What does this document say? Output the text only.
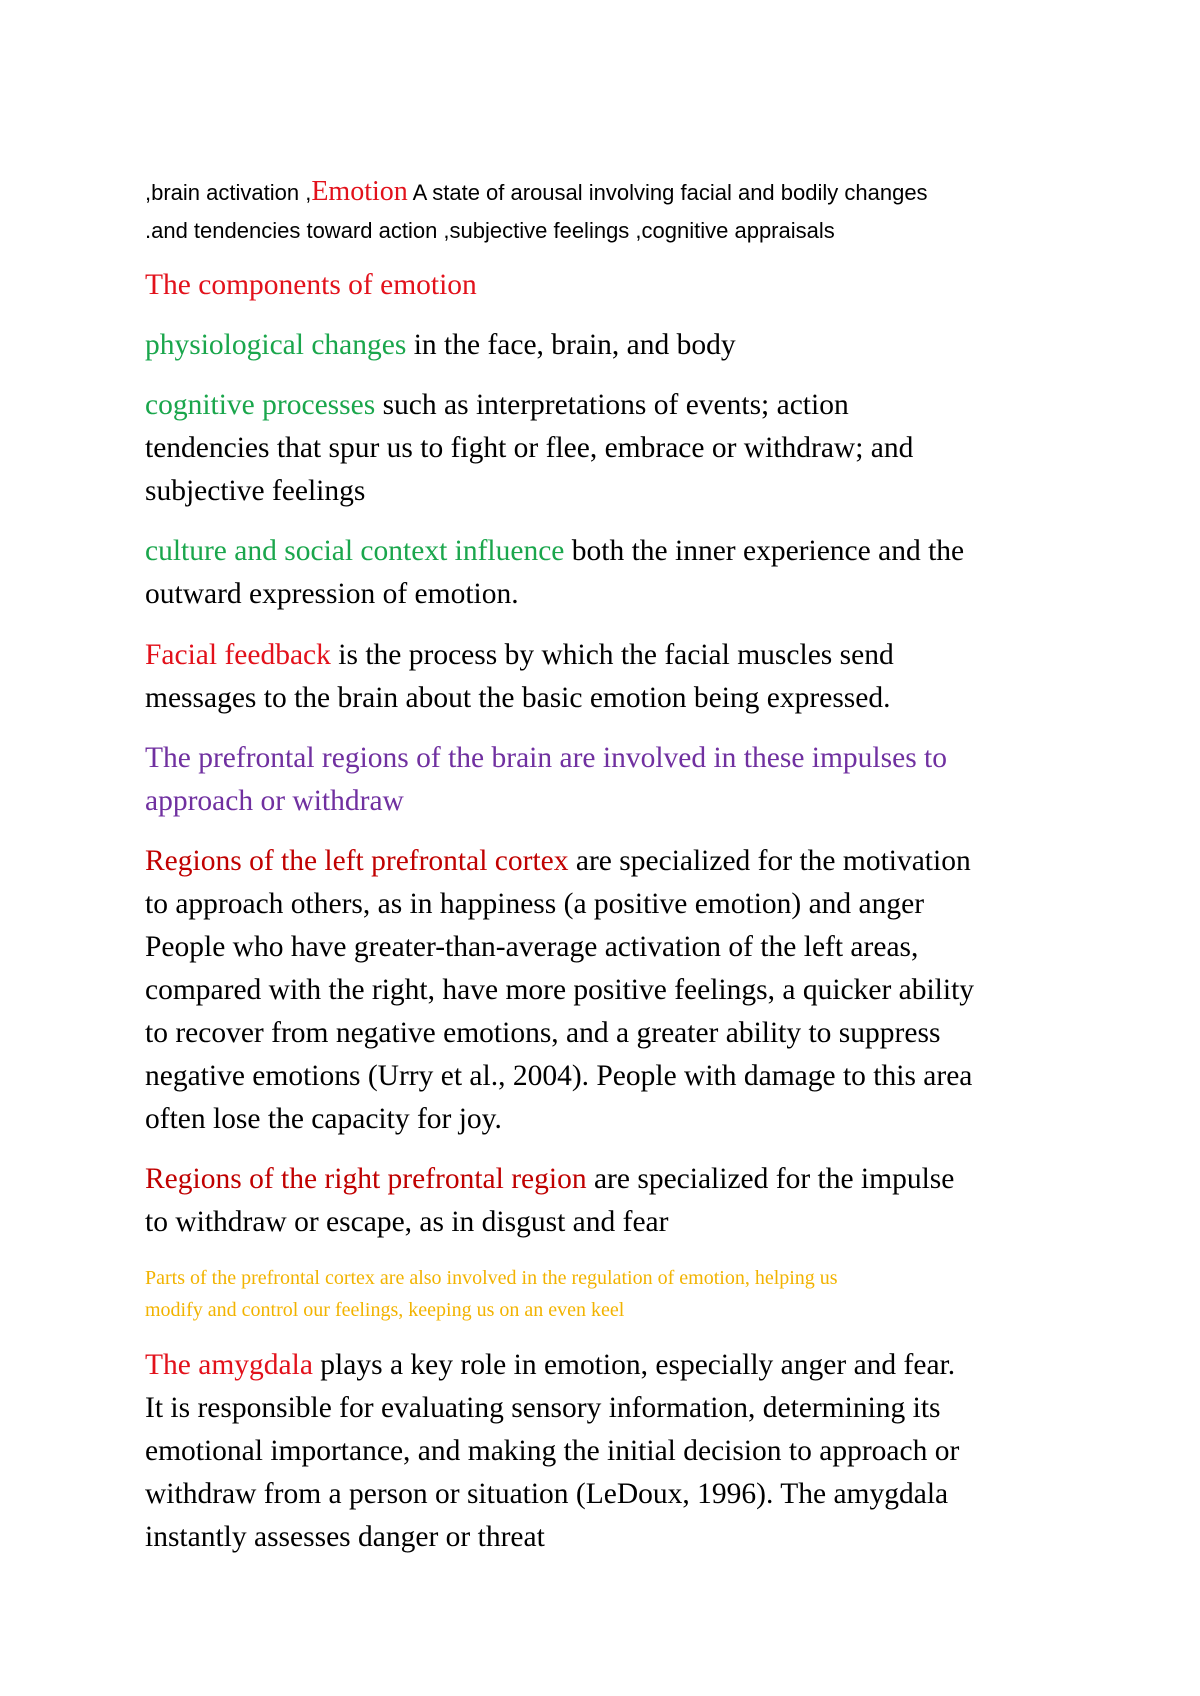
,brain activation ,Emotion A state of arousal involving facial and bodily changes
.and tendencies toward action ,subjective feelings ,cognitive appraisals
The components of emotion
physiological changes in the face, brain, and body
cognitive processes such as interpretations of events; action
tendencies that spur us to fight or flee, embrace or withdraw; and
subjective feelings
culture and social context influence both the inner experience and the
outward expression of emotion.
Facial feedback is the process by which the facial muscles send
messages to the brain about the basic emotion being expressed.
The prefrontal regions of the brain are involved in these impulses to
approach or withdraw
Regions of the left prefrontal cortex are specialized for the motivation
to approach others, as in happiness (a positive emotion) and anger
People who have greater-than-average activation of the left areas,
compared with the right, have more positive feelings, a quicker ability
to recover from negative emotions, and a greater ability to suppress
negative emotions (Urry et al., 2004). People with damage to this area
often lose the capacity for joy.
Regions of the right prefrontal region are specialized for the impulse
to withdraw or escape, as in disgust and fear
Parts of the prefrontal cortex are also involved in the regulation of emotion, helping us
modify and control our feelings, keeping us on an even keel
The amygdala plays a key role in emotion, especially anger and fear.
It is responsible for evaluating sensory information, determining its
emotional importance, and making the initial decision to approach or
withdraw from a person or situation (LeDoux, 1996). The amygdala
instantly assesses danger or threat
